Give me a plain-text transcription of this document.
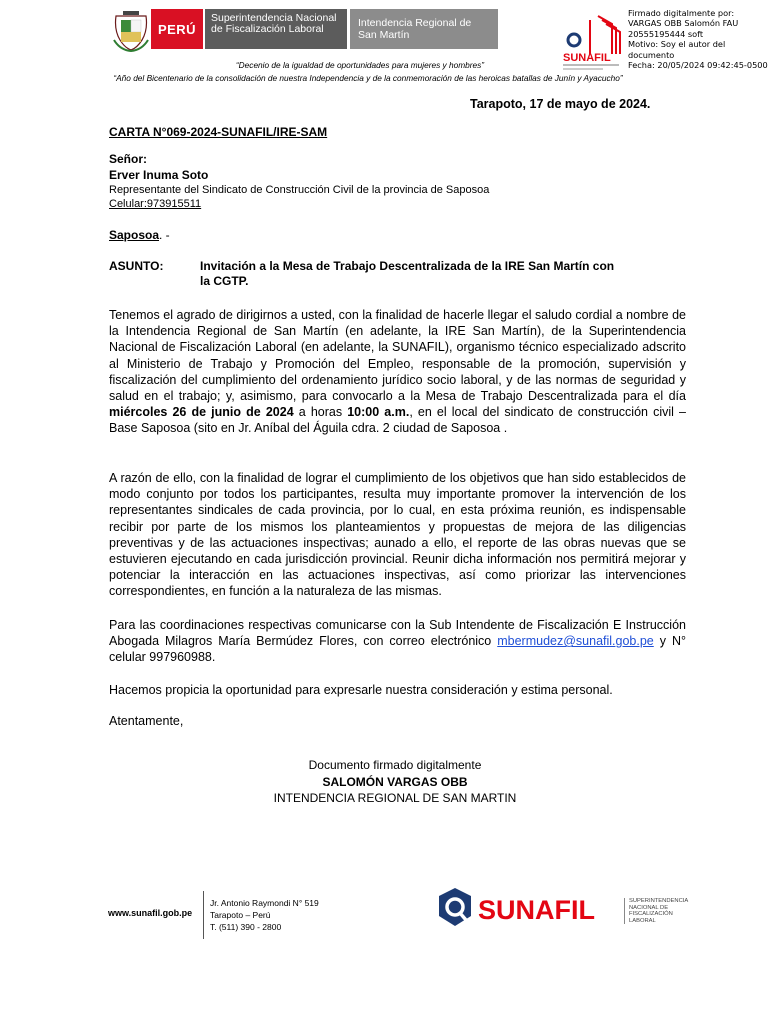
PERÚ
Superintendencia Nacional de Fiscalización Laboral	Intendencia Regional de San Martín
SUNAFIL
Firmado digitalmente por:
VARGAS OBB Salomón FAU
20555195444 soft
Motivo: Soy el autor del
documento
Fecha: 20/05/2024 09:42:45-0500
“Decenio de la igualdad de oportunidades para mujeres y hombres”
“Año del Bicentenario de la consolidación de nuestra Independencia y de la conmemoración de las heroicas batallas de Junín y Ayacucho”
Tarapoto, 17 de mayo de 2024.
CARTA N°069-2024-SUNAFIL/IRE-SAM
Señor:
Erver Inuma Soto
Representante del Sindicato de Construcción Civil de la provincia de Saposoa
Celular:973915511
Saposoa. -
ASUNTO:	Invitación a la Mesa de Trabajo Descentralizada de la IRE San Martín con la CGTP.
Tenemos el agrado de dirigirnos a usted, con la finalidad de hacerle llegar el saludo cordial a nombre de la Intendencia Regional de San Martín (en adelante, la IRE San Martín), de la Superintendencia Nacional de Fiscalización Laboral (en adelante, la SUNAFIL), organismo técnico especializado adscrito al Ministerio de Trabajo y Promoción del Empleo, responsable de la promoción, supervisión y fiscalización del cumplimiento del ordenamiento jurídico socio laboral, y de las normas de seguridad y salud en el trabajo; y, asimismo, para convocarlo a la Mesa de Trabajo Descentralizada para el día miércoles 26 de junio de 2024 a horas 10:00 a.m., en el local del sindicato de construcción civil – Base Saposoa (sito en Jr. Aníbal del Águila cdra. 2 ciudad de Saposoa .
A razón de ello, con la finalidad de lograr el cumplimiento de los objetivos que han sido establecidos de modo conjunto por todos los participantes, resulta muy importante promover la intervención de los representantes sindicales de cada provincia, por lo cual, en esta próxima reunión, es indispensable recibir por parte de los mismos los planteamientos y propuestas de mejora de las diligencias preventivas y de las actuaciones inspectivas; aunado a ello, el reporte de las obras nuevas que se estuvieren ejecutando en cada jurisdicción provincial. Reunir dicha información nos permitirá mejorar y potenciar la interacción en las actuaciones inspectivas, así como priorizar las intervenciones correspondientes, en función a la naturaleza de las mismas.
Para las coordinaciones respectivas comunicarse con la Sub Intendente de Fiscalización E Instrucción Abogada Milagros María Bermúdez Flores, con correo electrónico mbermudez@sunafil.gob.pe y N° celular 997960988.
Hacemos propicia la oportunidad para expresarle nuestra consideración y estima personal.
Atentamente,
Documento firmado digitalmente
SALOMÓN VARGAS OBB
INTENDENCIA REGIONAL DE SAN MARTIN
www.sunafil.gob.pe
Jr. Antonio Raymondi N° 519
Tarapoto – Perú
T. (511) 390 - 2800
SUNAFIL	SUPERINTENDENCIA NACIONAL DE FISCALIZACIÓN LABORAL
